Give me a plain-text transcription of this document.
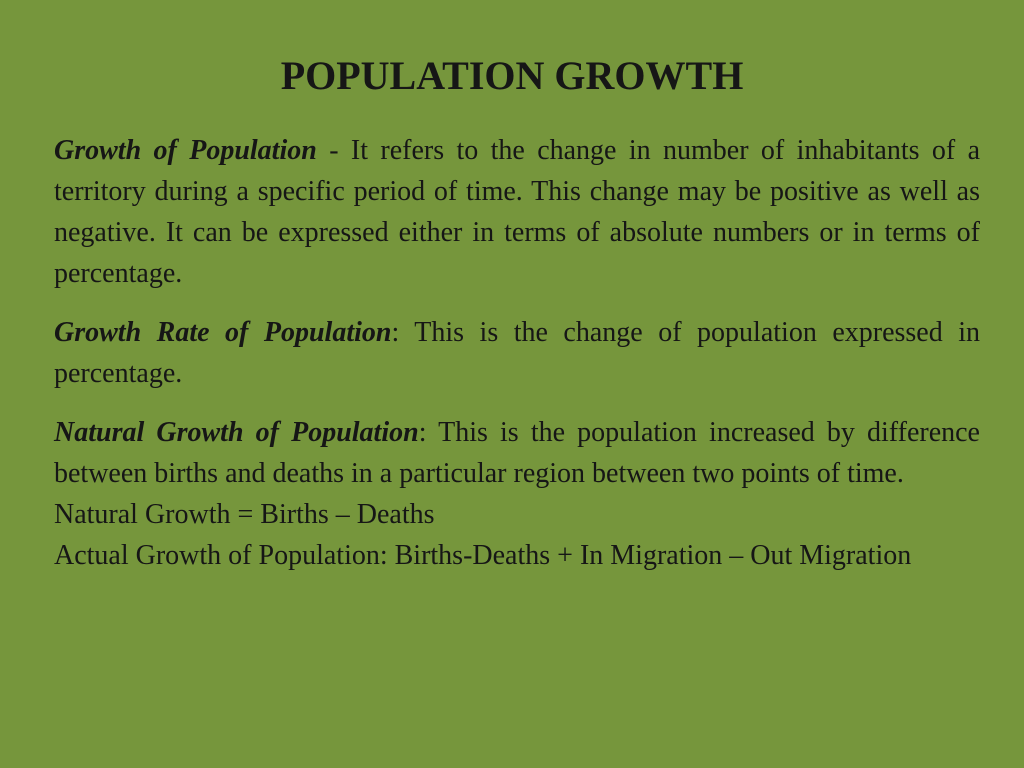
POPULATION GROWTH

Growth of Population - It refers to the change in number of inhabitants of a territory during a specific period of time. This change may be positive as well as negative. It can be expressed either in terms of absolute numbers or in terms of percentage.

Growth Rate of Population: This is the change of population expressed in percentage.

Natural Growth of Population: This is the population increased by difference between births and deaths in a particular region between two points of time.

Natural Growth = Births – Deaths

Actual Growth of Population: Births-Deaths + In Migration – Out Migration
